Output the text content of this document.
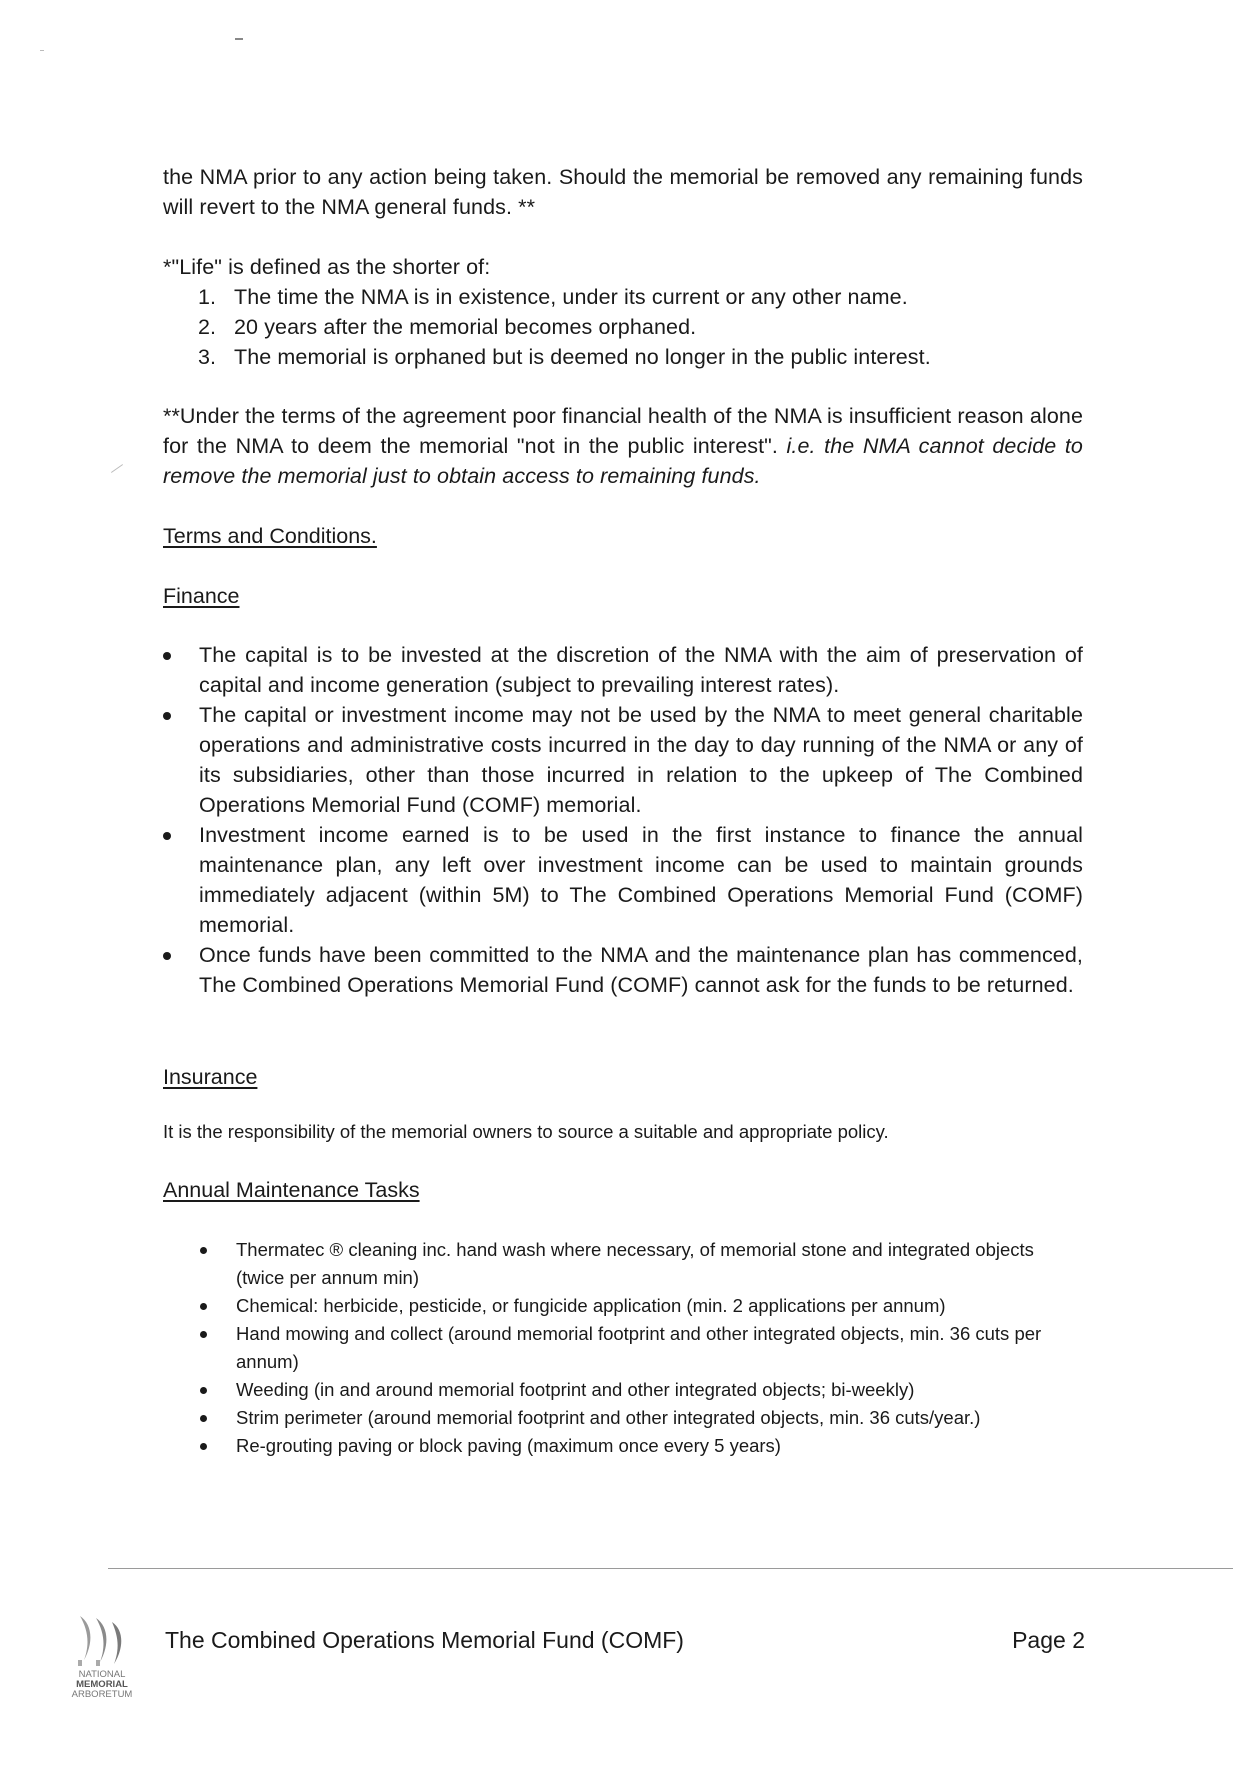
the NMA prior to any action being taken. Should the memorial be removed any remaining funds will revert to the NMA general funds. **

*"Life" is defined as the shorter of:

1. The time the NMA is in existence, under its current or any other name.
2. 20 years after the memorial becomes orphaned.
3. The memorial is orphaned but is deemed no longer in the public interest.

**Under the terms of the agreement poor financial health of the NMA is insufficient reason alone for the NMA to deem the memorial "not in the public interest". i.e. the NMA cannot decide to remove the memorial just to obtain access to remaining funds.

Terms and Conditions.
Finance
The capital is to be invested at the discretion of the NMA with the aim of preservation of capital and income generation (subject to prevailing interest rates).
The capital or investment income may not be used by the NMA to meet general charitable operations and administrative costs incurred in the day to day running of the NMA or any of its subsidiaries, other than those incurred in relation to the upkeep of The Combined Operations Memorial Fund (COMF) memorial.
Investment income earned is to be used in the first instance to finance the annual maintenance plan, any left over investment income can be used to maintain grounds immediately adjacent (within 5M) to The Combined Operations Memorial Fund (COMF) memorial.
Once funds have been committed to the NMA and the maintenance plan has commenced, The Combined Operations Memorial Fund (COMF) cannot ask for the funds to be returned.
Insurance

It is the responsibility of the memorial owners to source a suitable and appropriate policy.

Annual Maintenance Tasks
Thermatec ® cleaning inc. hand wash where necessary, of memorial stone and integrated objects (twice per annum min)
Chemical: herbicide, pesticide, or fungicide application (min. 2 applications per annum)
Hand mowing and collect (around memorial footprint and other integrated objects, min. 36 cuts per annum)
Weeding (in and around memorial footprint and other integrated objects; bi-weekly)
Strim perimeter (around memorial footprint and other integrated objects, min. 36 cuts/year.)
Re-grouting paving or block paving (maximum once every 5 years)
NATIONAL
MEMORIAL
ARBORETUM
The Combined Operations Memorial Fund (COMF)	Page 2
